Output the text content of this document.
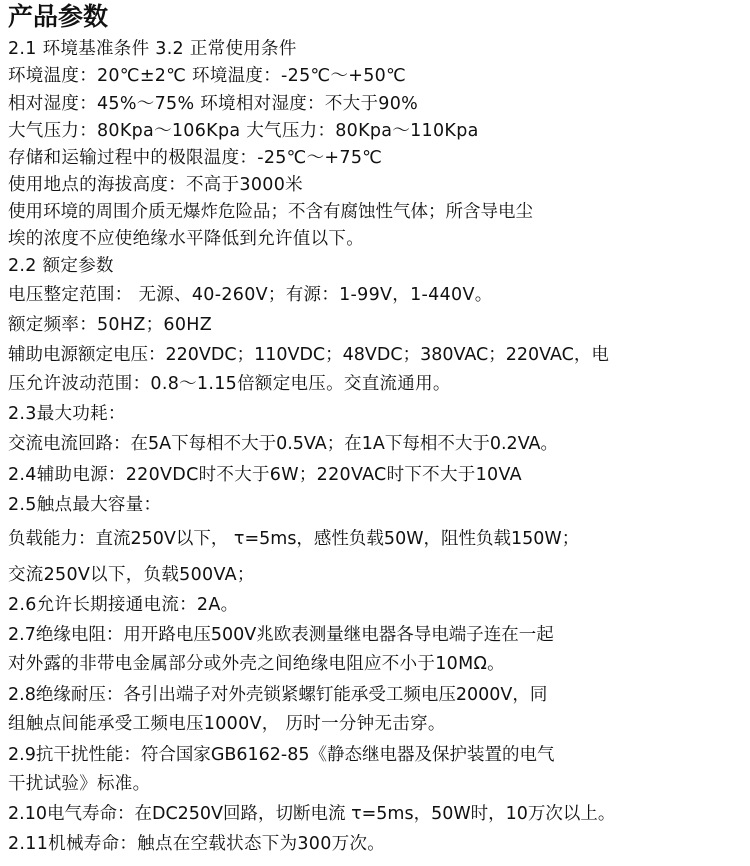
产品参数

2.1 环境基准条件 3.2 正常使用条件

环境温度：20℃±2℃ 环境温度：-25℃～+50℃

相对湿度：45%～75% 环境相对湿度：不大于90%

大气压力：80Kpa～106Kpa 大气压力：80Kpa～110Kpa

存储和运输过程中的极限温度：-25℃～+75℃

使用地点的海拔高度：不高于3000米

使用环境的周围介质无爆炸危险品；不含有腐蚀性气体；所含导电尘

埃的浓度不应使绝缘水平降低到允许值以下。

2.2 额定参数

电压整定范围： 无源、40-260V；有源：1-99V，1-440V。

额定频率：50HZ；60HZ

辅助电源额定电压：220VDC；110VDC；48VDC；380VAC；220VAC，电

压允许波动范围：0.8～1.15倍额定电压。交直流通用。

2.3最大功耗：

交流电流回路：在5A下每相不大于0.5VA；在1A下每相不大于0.2VA。

2.4辅助电源：220VDC时不大于6W；220VAC时下不大于10VA

2.5触点最大容量：

负载能力：直流250V以下， τ=5ms，感性负载50W，阻性负载150W；

交流250V以下，负载500VA；

2.6允许长期接通电流：2A。

2.7绝缘电阻：用开路电压500V兆欧表测量继电器各导电端子连在一起

对外露的非带电金属部分或外壳之间绝缘电阻应不小于10MΩ。

2.8绝缘耐压：各引出端子对外壳锁紧螺钉能承受工频电压2000V，同

组触点间能承受工频电压1000V， 历时一分钟无击穿。

2.9抗干扰性能：符合国家GB6162-85《静态继电器及保护装置的电气

干扰试验》标准。

2.10电气寿命：在DC250V回路，切断电流 τ=5ms，50W时，10万次以上。

2.11机械寿命：触点在空载状态下为300万次。
